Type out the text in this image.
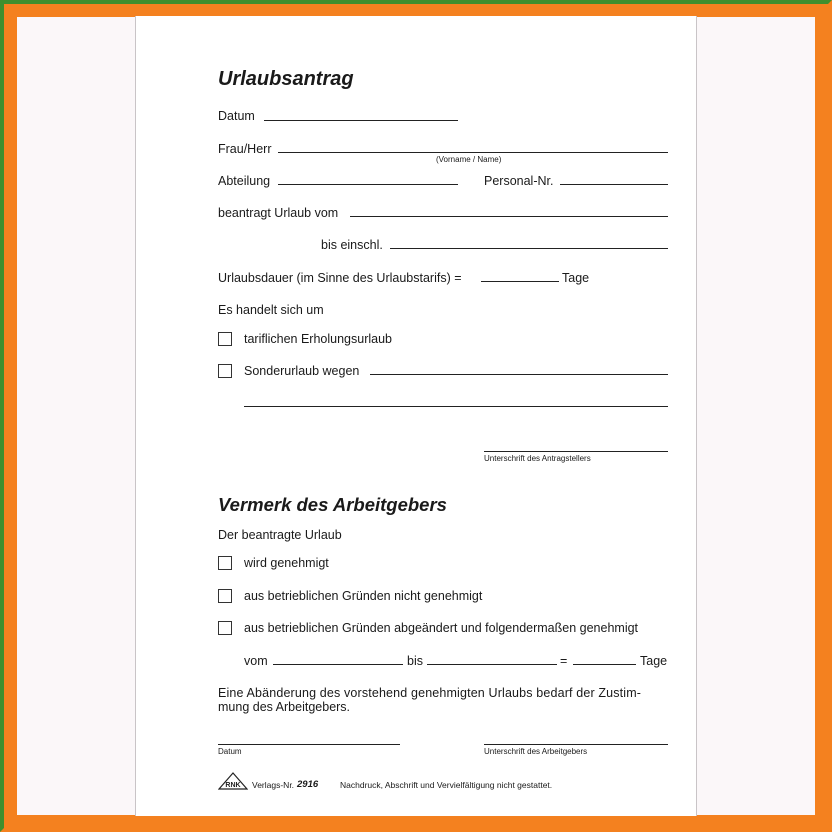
Urlaubsantrag
Datum
Frau/Herr
(Vorname / Name)
Abteilung	Personal-Nr.
beantragt Urlaub vom
bis einschl.
Urlaubsdauer (im Sinne des Urlaubstarifs) =	Tage
Es handelt sich um
tariflichen Erholungsurlaub
Sonderurlaub wegen
Unterschrift des Antragstellers
Vermerk des Arbeitgebers
Der beantragte Urlaub
wird genehmigt
aus betrieblichen Gründen nicht genehmigt
aus betrieblichen Gründen abgeändert und folgendermaßen genehmigt
vom	bis	=	Tage
Eine Abänderung des vorstehend genehmigten Urlaubs bedarf der Zustim-
mung des Arbeitgebers.
Datum	Unterschrift des Arbeitgebers
RNK Verlags-Nr. 2916	Nachdruck, Abschrift und Vervielfältigung nicht gestattet.
